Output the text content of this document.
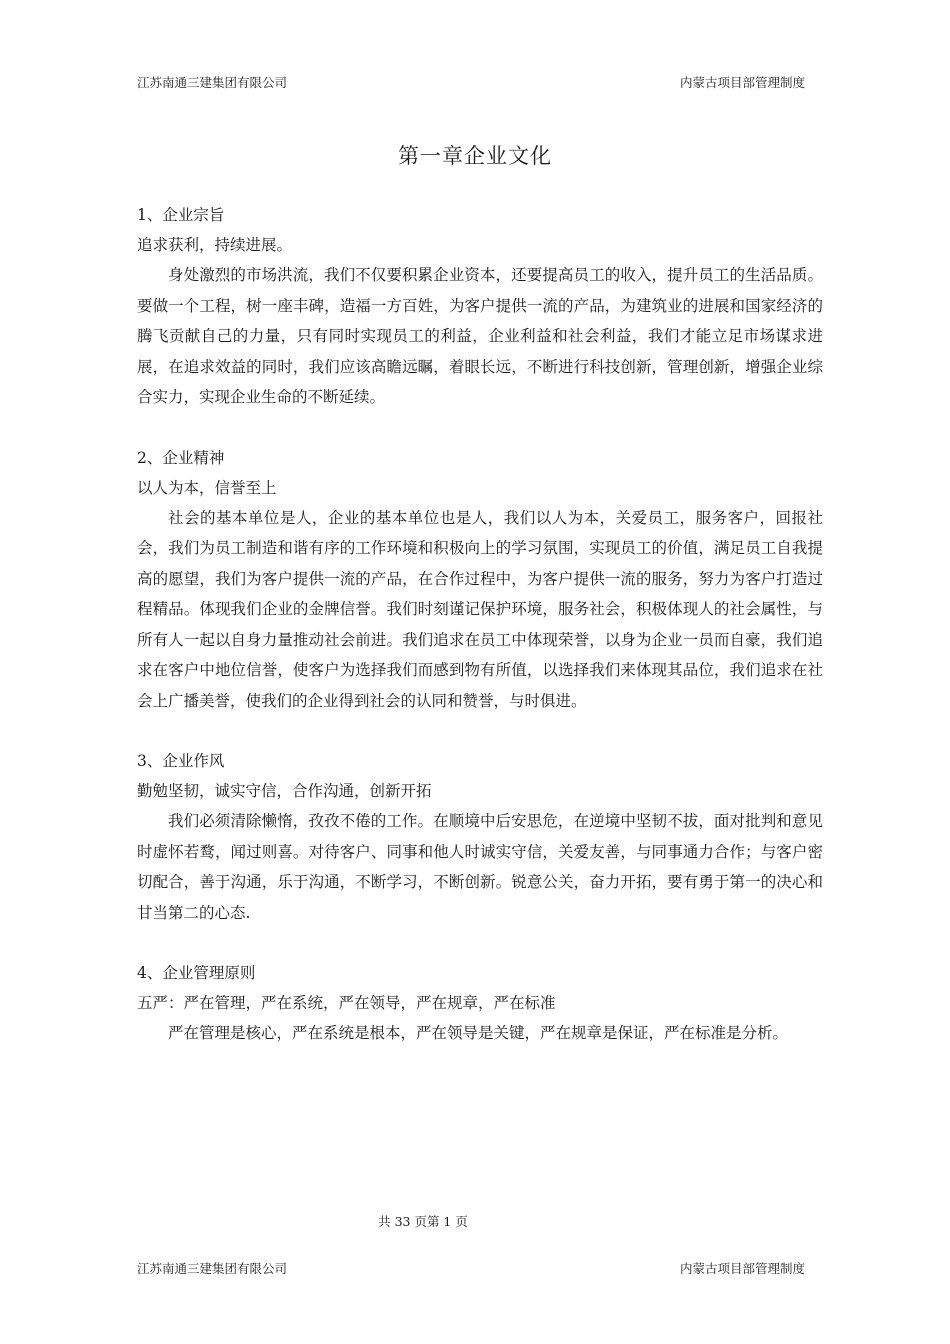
江苏南通三建集团有限公司	内蒙古项目部管理制度
第一章企业文化
1、企业宗旨

追求获利，持续进展。

身处激烈的市场洪流，我们不仅要积累企业资本，还要提高员工的收入，提升员工的生活品质。要做一个工程，树一座丰碑，造福一方百姓，为客户提供一流的产品，为建筑业的进展和国家经济的腾飞贡献自己的力量，只有同时实现员工的利益，企业利益和社会利益，我们才能立足市场谋求进展，在追求效益的同时，我们应该高瞻远瞩，着眼长远，不断进行科技创新，管理创新，增强企业综合实力，实现企业生命的不断延续。

2、企业精神

以人为本，信誉至上

社会的基本单位是人，企业的基本单位也是人，我们以人为本，关爱员工，服务客户，回报社会，我们为员工制造和谐有序的工作环境和积极向上的学习氛围，实现员工的价值，满足员工自我提高的愿望，我们为客户提供一流的产品，在合作过程中，为客户提供一流的服务，努力为客户打造过程精品。体现我们企业的金牌信誉。我们时刻谨记保护环境，服务社会，积极体现人的社会属性，与所有人一起以自身力量推动社会前进。我们追求在员工中体现荣誉，以身为企业一员而自豪，我们追求在客户中地位信誉，使客户为选择我们而感到物有所值，以选择我们来体现其品位，我们追求在社会上广播美誉，使我们的企业得到社会的认同和赞誉，与时俱进。

3、企业作风

勤勉坚韧，诚实守信，合作沟通，创新开拓

我们必须清除懒惰，孜孜不倦的工作。在顺境中后安思危，在逆境中坚韧不拔，面对批判和意见时虚怀若鹜，闻过则喜。对待客户、同事和他人时诚实守信，关爱友善，与同事通力合作；与客户密切配合，善于沟通，乐于沟通，不断学习，不断创新。锐意公关，奋力开拓，要有勇于第一的决心和甘当第二的心态.

4、企业管理原则

五严：严在管理，严在系统，严在领导，严在规章，严在标准

严在管理是核心，严在系统是根本，严在领导是关键，严在规章是保证，严在标准是分析。

共 33 页第 1 页
江苏南通三建集团有限公司	内蒙古项目部管理制度
